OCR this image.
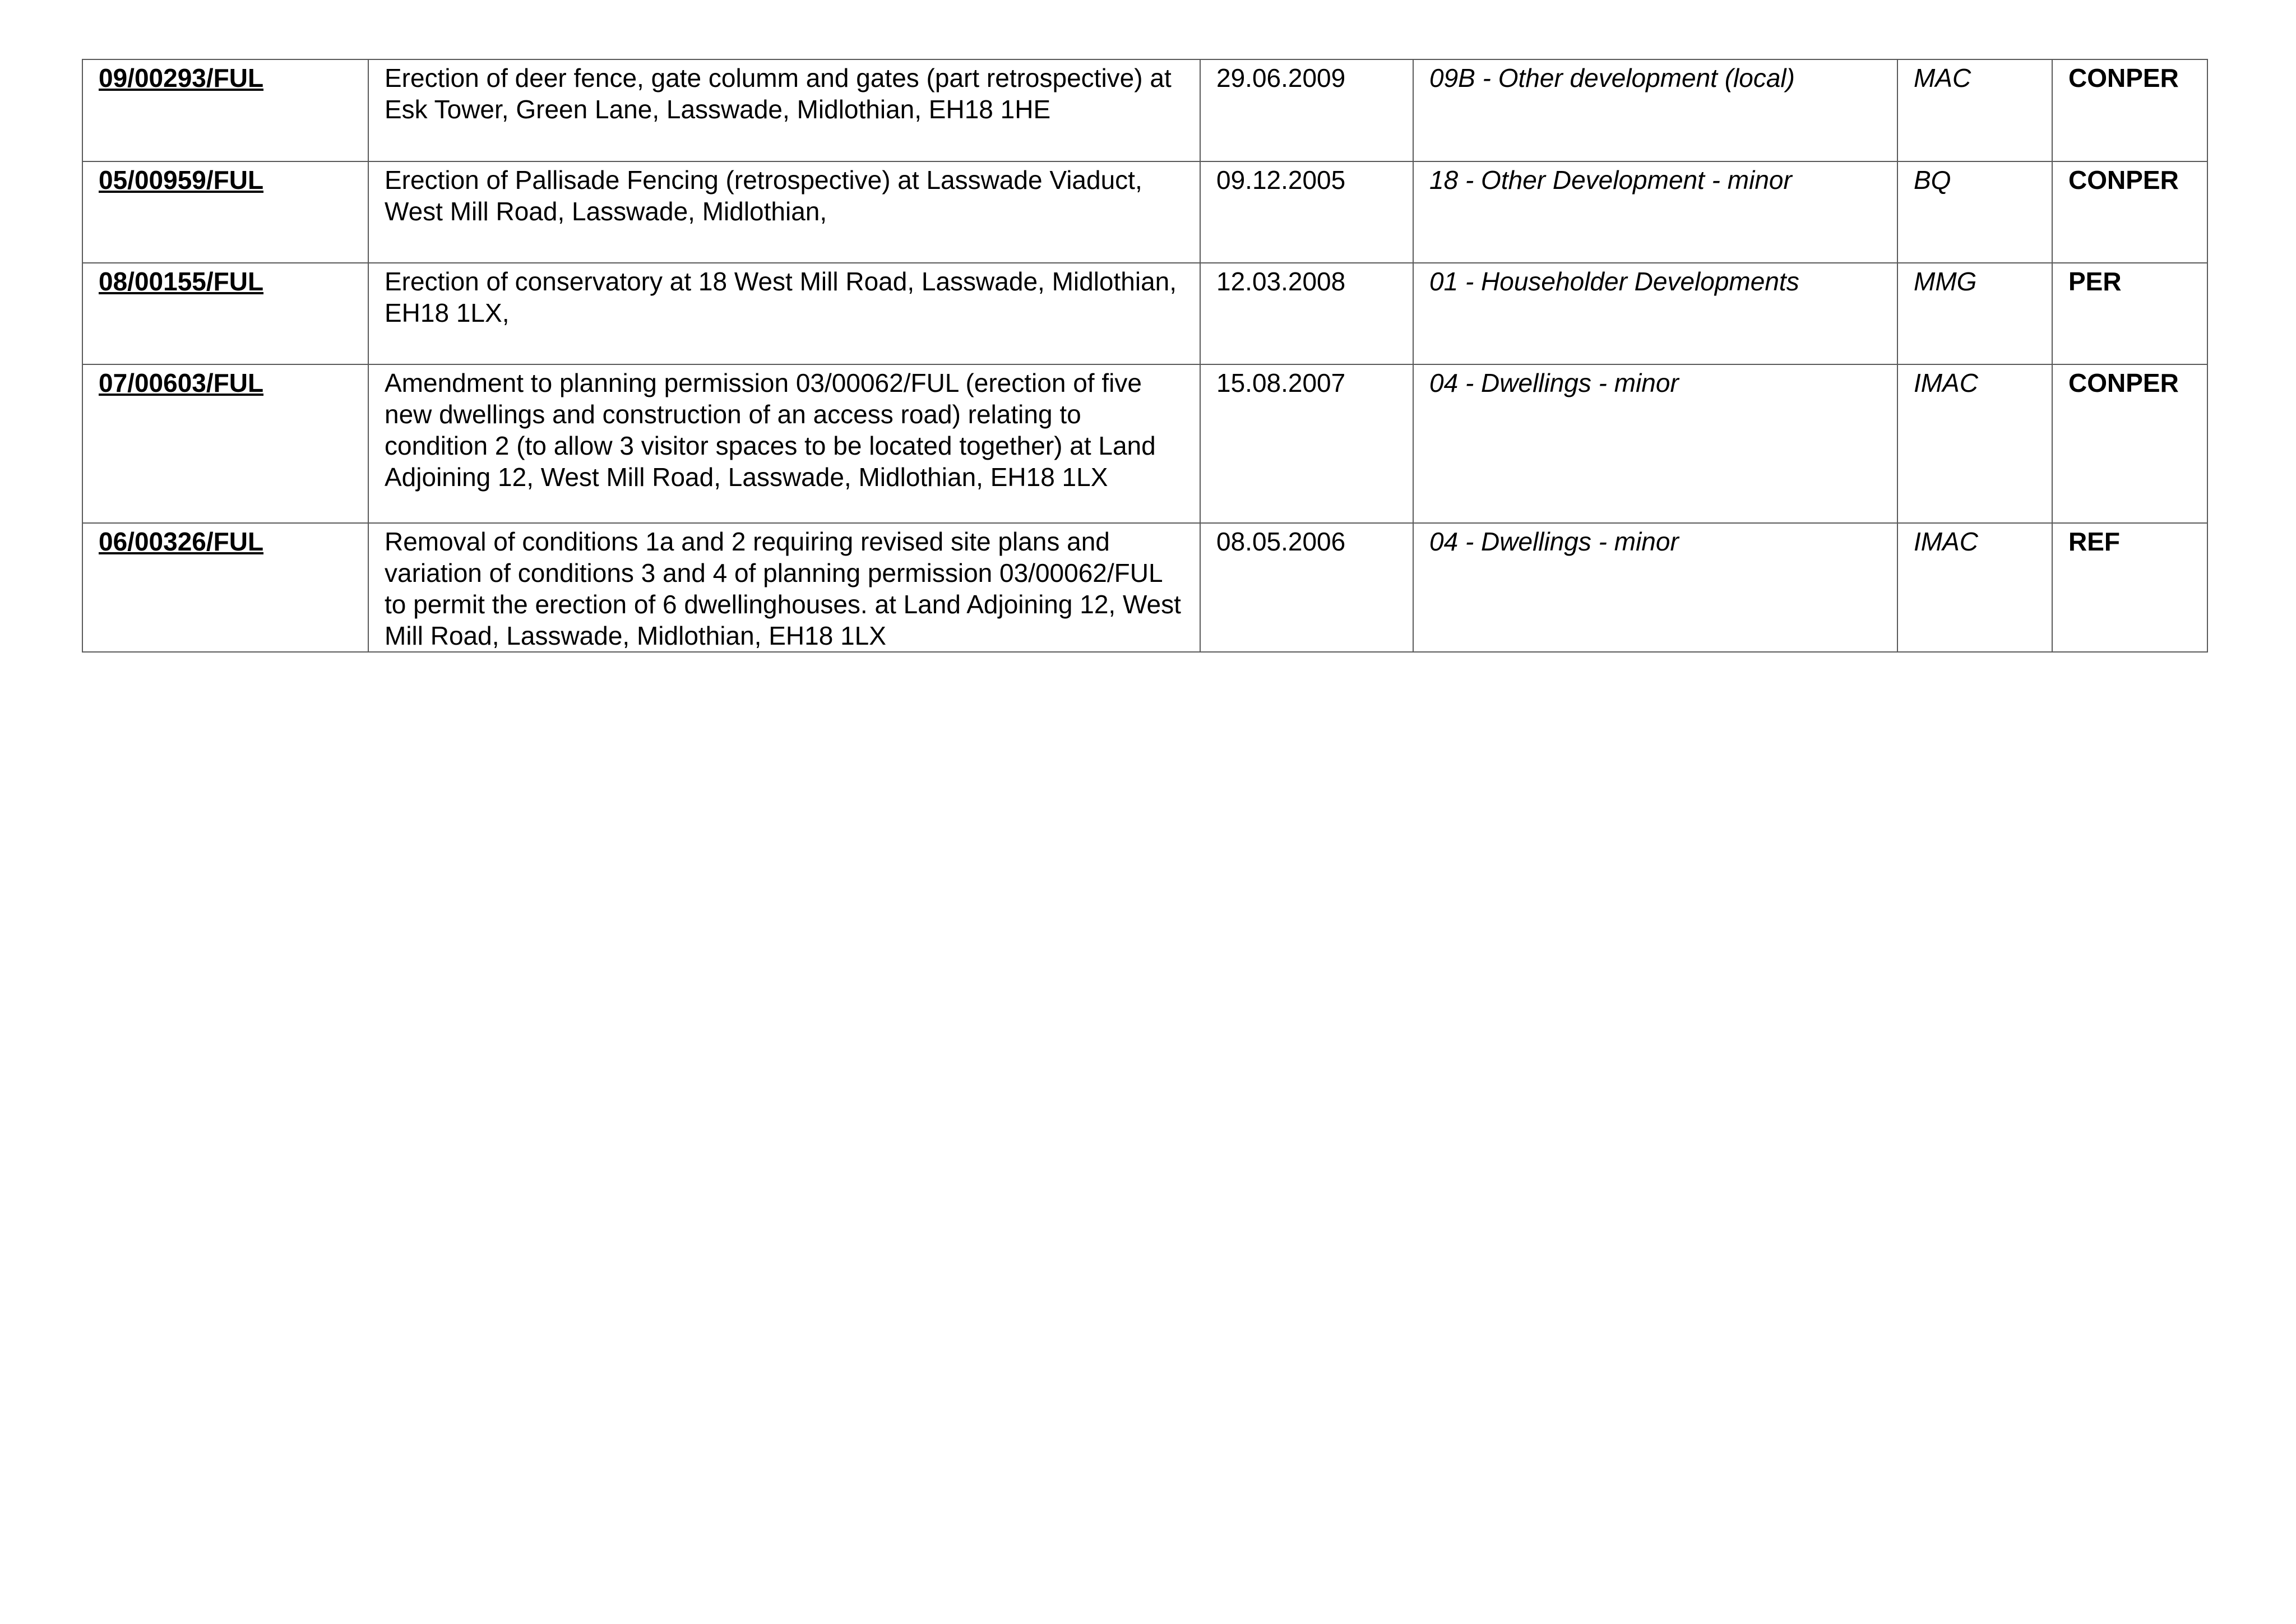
09/00293/FUL	Erection of deer fence, gate columm and gates (part retrospective) at Esk Tower, Green Lane, Lasswade, Midlothian, EH18 1HE	29.06.2009	09B - Other development (local)	MAC	CONPER
05/00959/FUL	Erection of Pallisade Fencing (retrospective) at Lasswade Viaduct, West Mill Road, Lasswade, Midlothian,	09.12.2005	18 - Other Development - minor	BQ	CONPER
08/00155/FUL	Erection of conservatory at 18 West Mill Road, Lasswade, Midlothian, EH18 1LX,	12.03.2008	01 - Householder Developments	MMG	PER
07/00603/FUL	Amendment to planning permission 03/00062/FUL (erection of five new dwellings and construction of an access road) relating to condition 2 (to allow 3 visitor spaces to be located together) at Land Adjoining 12, West Mill Road, Lasswade, Midlothian, EH18 1LX	15.08.2007	04 - Dwellings - minor	IMAC	CONPER
06/00326/FUL	Removal of conditions 1a and 2 requiring revised site plans and variation of conditions 3 and 4 of planning permission 03/00062/FUL to permit the erection of 6 dwellinghouses. at Land Adjoining 12, West Mill Road, Lasswade, Midlothian, EH18 1LX	08.05.2006	04 - Dwellings - minor	IMAC	REF
